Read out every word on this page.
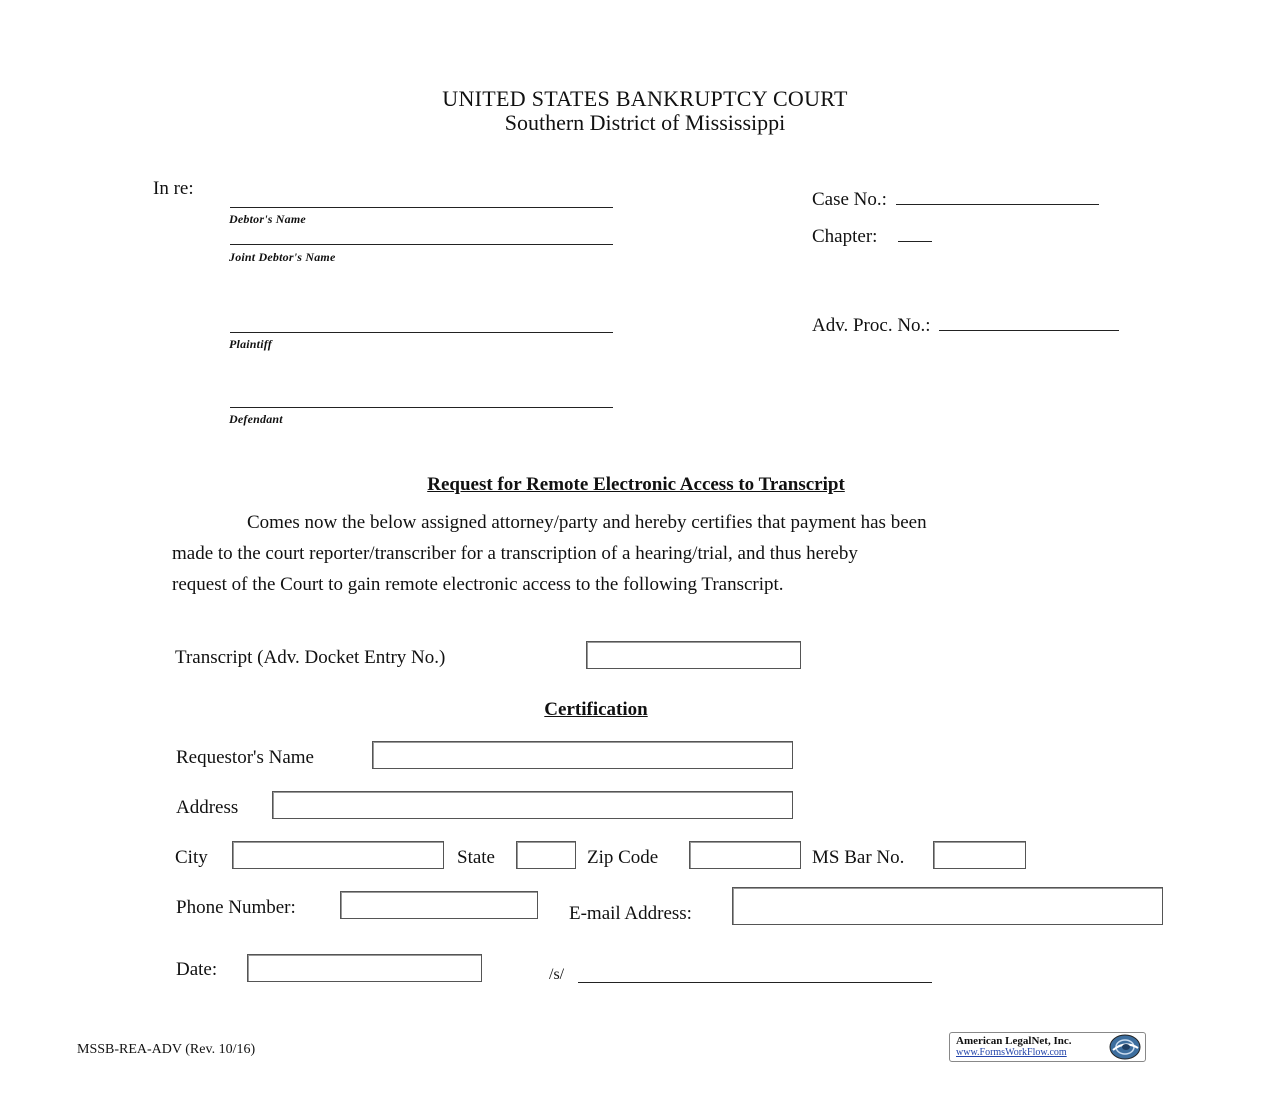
UNITED STATES BANKRUPTCY COURT
Southern District of Mississippi
In re:
Debtor's Name
Joint Debtor's Name
Plaintiff
Defendant
Case No.:
Chapter:
Adv. Proc. No.:
Request for Remote Electronic Access to Transcript
Comes now the below assigned attorney/party and hereby certifies that payment has been
made to the court reporter/transcriber for a transcription of a hearing/trial, and thus hereby
request of the Court to gain remote electronic access to the following Transcript.
Transcript (Adv. Docket Entry No.)
Certification
Requestor's Name
Address
City	State	Zip Code	MS Bar No.
Phone Number:	E-mail Address:
Date:	/s/
MSSB-REA-ADV (Rev. 10/16)
American LegalNet, Inc.
www.FormsWorkFlow.com
